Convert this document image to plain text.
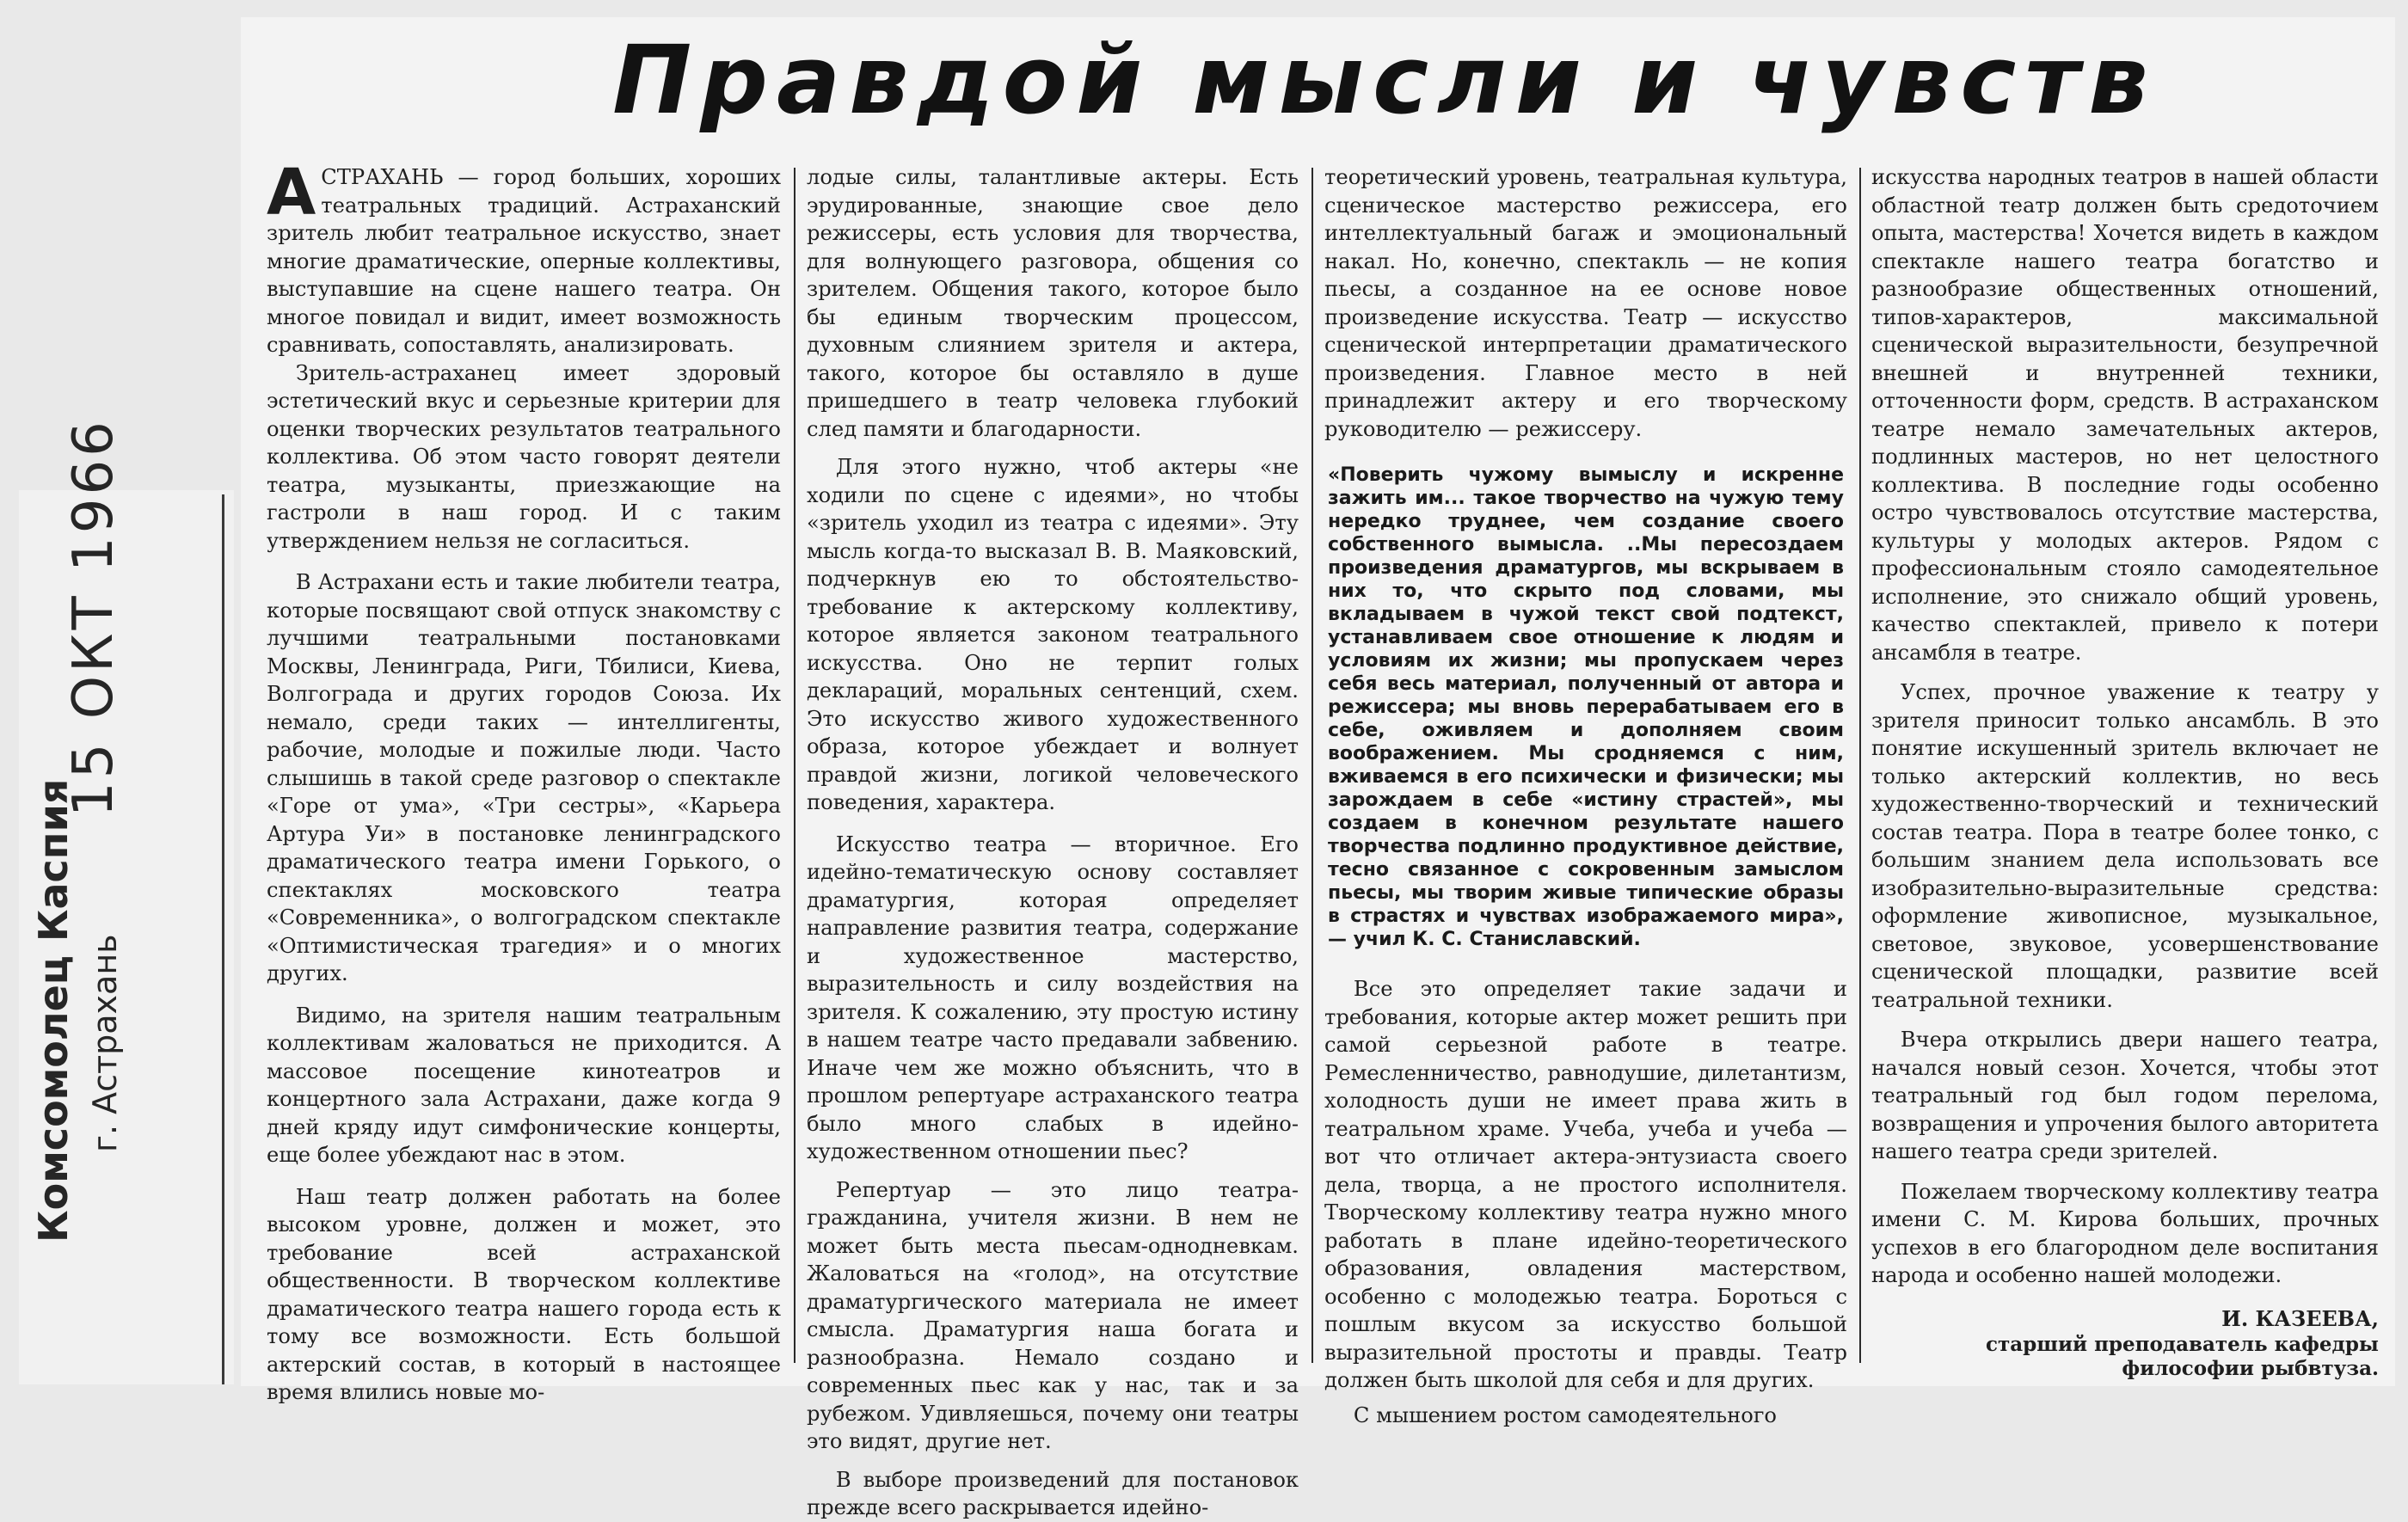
Комсомолец Каспия г. Астрахань
15 ОКТ 1966
Правдой мысли и чувств

АСТРАХАНЬ — город больших, хороших театральных традиций. Астраханский зритель любит театральное искусство, знает многие драматические, оперные коллективы, выступавшие на сцене нашего театра. Он многое повидал и видит, имеет возможность сравнивать, сопоставлять, анализировать.

Зритель-астраханец имеет здоровый эстетический вкус и серьезные критерии для оценки творческих результатов театрального коллектива. Об этом часто говорят деятели театра, музыканты, приезжающие на гастроли в наш город. И с таким утверждением нельзя не согласиться.

В Астрахани есть и такие любители театра, которые посвящают свой отпуск знакомству с лучшими театральными постановками Москвы, Ленинграда, Риги, Тбилиси, Киева, Волгограда и других городов Союза. Их немало, среди таких — интеллигенты, рабочие, молодые и пожилые люди. Часто слышишь в такой среде разговор о спектакле «Горе от ума», «Три сестры», «Карьера Артура Уи» в постановке ленинградского драматического театра имени Горького, о спектаклях московского театра «Современника», о волгоградском спектакле «Оптимистическая трагедия» и о многих других.

Видимо, на зрителя нашим театральным коллективам жаловаться не приходится. А массовое посещение кинотеатров и концертного зала Астрахани, даже когда 9 дней кряду идут симфонические концерты, еще более убеждают нас в этом.

Наш театр должен работать на более высоком уровне, должен и может, это требование всей астраханской общественности. В творческом коллективе драматического театра нашего города есть к тому все возможности. Есть большой актерский состав, в который в настоящее время влились новые мо-

лодые силы, талантливые актеры. Есть эрудированные, знающие свое дело режиссеры, есть условия для творчества, для волнующего разговора, общения со зрителем. Общения такого, которое было бы единым творческим процессом, духовным слиянием зрителя и актера, такого, которое бы оставляло в душе пришедшего в театр человека глубокий след памяти и благодарности.

Для этого нужно, чтоб актеры «не ходили по сцене с идеями», но чтобы «зритель уходил из театра с идеями». Эту мысль когда-то высказал В. В. Маяковский, подчеркнув ею то обстоятельство-требование к актерскому коллективу, которое является законом театрального искусства. Оно не терпит голых деклараций, моральных сентенций, схем. Это искусство живого художественного образа, которое убеждает и волнует правдой жизни, логикой человеческого поведения, характера.

Искусство театра — вторичное. Его идейно-тематическую основу составляет драматургия, которая определяет направление развития театра, содержание и художественное мастерство, выразительность и силу воздействия на зрителя. К сожалению, эту простую истину в нашем театре часто предавали забвению. Иначе чем же можно объяснить, что в прошлом репертуаре астраханского театра было много слабых в идейно-художественном отношении пьес?

Репертуар — это лицо театра-гражданина, учителя жизни. В нем не может быть места пьесам-однодневкам. Жаловаться на «голод», на отсутствие драматургического материала не имеет смысла. Драматургия наша богата и разнообразна. Немало создано и современных пьес как у нас, так и за рубежом. Удивляешься, почему они театры это видят, другие нет.

В выборе произведений для постановок прежде всего раскрывается идейно-

теоретический уровень, театральная культура, сценическое мастерство режиссера, его интеллектуальный багаж и эмоциональный накал. Но, конечно, спектакль — не копия пьесы, а созданное на ее основе новое произведение искусства. Театр — искусство сценической интерпретации драматического произведения. Главное место в ней принадлежит актеру и его творческому руководителю — режиссеру.

«Поверить чужому вымыслу и искренне зажить им... такое творчество на чужую тему нередко труднее, чем создание своего собственного вымысла. ..Мы пересоздаем произведения драматургов, мы вскрываем в них то, что скрыто под словами, мы вкладываем в чужой текст свой подтекст, устанавливаем свое отношение к людям и условиям их жизни; мы пропускаем через себя весь материал, полученный от автора и режиссера; мы вновь перерабатываем его в себе, оживляем и дополняем своим воображением. Мы сродняемся с ним, вживаемся в его психически и физически; мы зарождаем в себе «истину страстей», мы создаем в конечном результате нашего творчества подлинно продуктивное действие, тесно связанное с сокровенным замыслом пьесы, мы творим живые типические образы в страстях и чувствах изображаемого мира», — учил К. С. Станиславский.

Все это определяет такие задачи и требования, которые актер может решить при самой серьезной работе в театре. Ремесленничество, равнодушие, дилетантизм, холодность души не имеет права жить в театральном храме. Учеба, учеба и учеба — вот что отличает актера-энтузиаста своего дела, творца, а не простого исполнителя. Творческому коллективу театра нужно много работать в плане идейно-теоретического образования, овладения мастерством, особенно с молодежью театра. Бороться с пошлым вкусом за искусство большой выразительной простоты и правды. Театр должен быть школой для себя и для других.

С мышением ростом самодеятельного

искусства народных театров в нашей области областной театр должен быть средоточием опыта, мастерства! Хочется видеть в каждом спектакле нашего театра богатство и разнообразие общественных отношений, типов-характеров, максимальной сценической выразительности, безупречной внешней и внутренней техники, отточенности форм, средств. В астраханском театре немало замечательных актеров, подлинных мастеров, но нет целостного коллектива. В последние годы особенно остро чувствовалось отсутствие мастерства, культуры у молодых актеров. Рядом с профессиональным стояло самодеятельное исполнение, это снижало общий уровень, качество спектаклей, привело к потери ансамбля в театре.

Успех, прочное уважение к театру у зрителя приносит только ансамбль. В это понятие искушенный зритель включает не только актерский коллектив, но весь художественно-творческий и технический состав театра. Пора в театре более тонко, с большим знанием дела использовать все изобразительно-выразительные средства: оформление живописное, музыкальное, световое, звуковое, усовершенствование сценической площадки, развитие всей театральной техники.

Вчера открылись двери нашего театра, начался новый сезон. Хочется, чтобы этот театральный год был годом перелома, возвращения и упрочения былого авторитета нашего театра среди зрителей.

Пожелаем творческому коллективу театра имени С. М. Кирова больших, прочных успехов в его благородном деле воспитания народа и особенно нашей молодежи.

И. КАЗЕЕВА,
старший преподаватель кафедры философии рыбвтуза.
